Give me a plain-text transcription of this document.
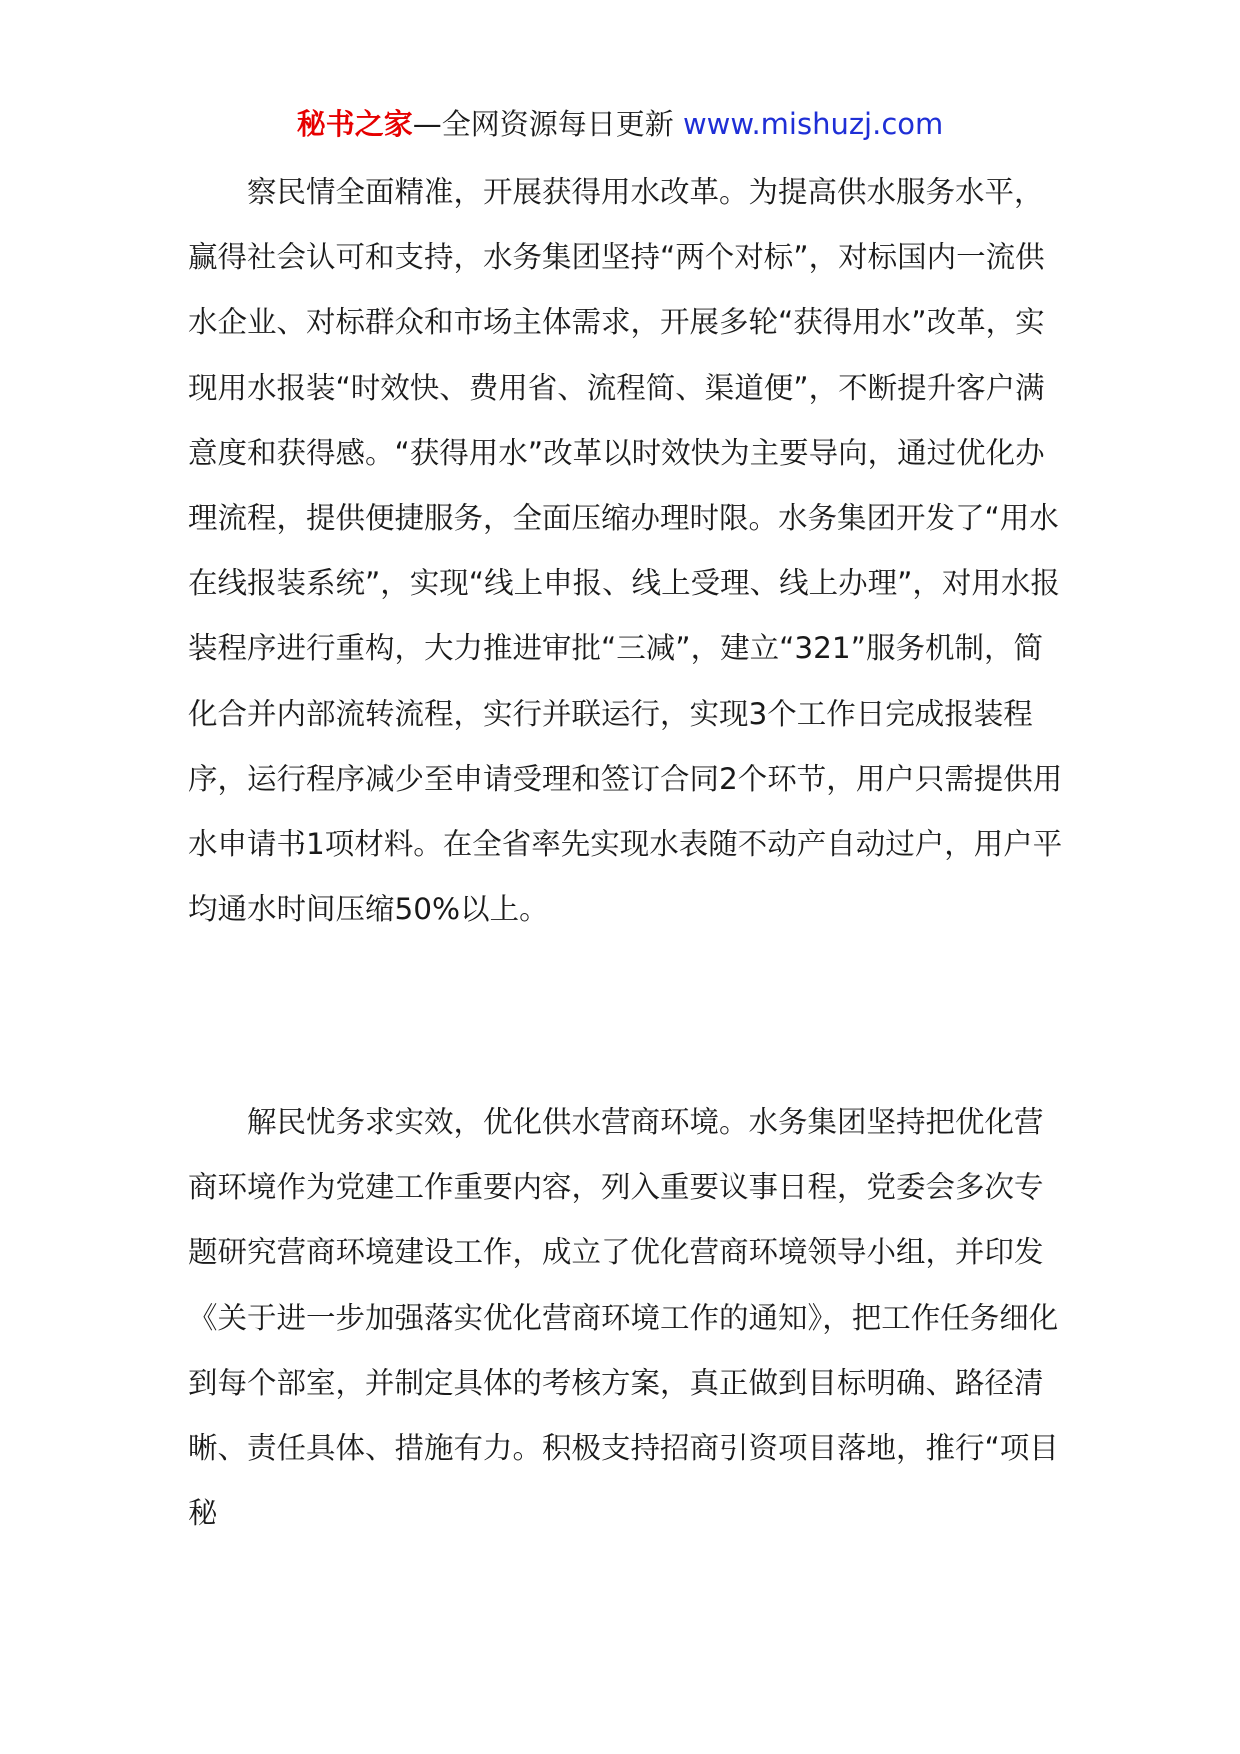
秘书之家—全网资源每日更新 www.mishuzj.com

察民情全面精准，开展获得用水改革。为提高供水服务水平，赢得社会认可和支持，水务集团坚持“两个对标”，对标国内一流供水企业、对标群众和市场主体需求，开展多轮“获得用水”改革，实现用水报装“时效快、费用省、流程简、渠道便”，不断提升客户满意度和获得感。“获得用水”改革以时效快为主要导向，通过优化办理流程，提供便捷服务，全面压缩办理时限。水务集团开发了“用水在线报装系统”，实现“线上申报、线上受理、线上办理”，对用水报装程序进行重构，大力推进审批“三减”，建立“321”服务机制，简化合并内部流转流程，实行并联运行，实现3个工作日完成报装程序，运行程序减少至申请受理和签订合同2个环节，用户只需提供用水申请书1项材料。在全省率先实现水表随不动产自动过户，用户平均通水时间压缩50%以上。

解民忧务求实效，优化供水营商环境。水务集团坚持把优化营商环境作为党建工作重要内容，列入重要议事日程，党委会多次专题研究营商环境建设工作，成立了优化营商环境领导小组，并印发《关于进一步加强落实优化营商环境工作的通知》，把工作任务细化到每个部室，并制定具体的考核方案，真正做到目标明确、路径清晰、责任具体、措施有力。积极支持招商引资项目落地，推行“项目秘
